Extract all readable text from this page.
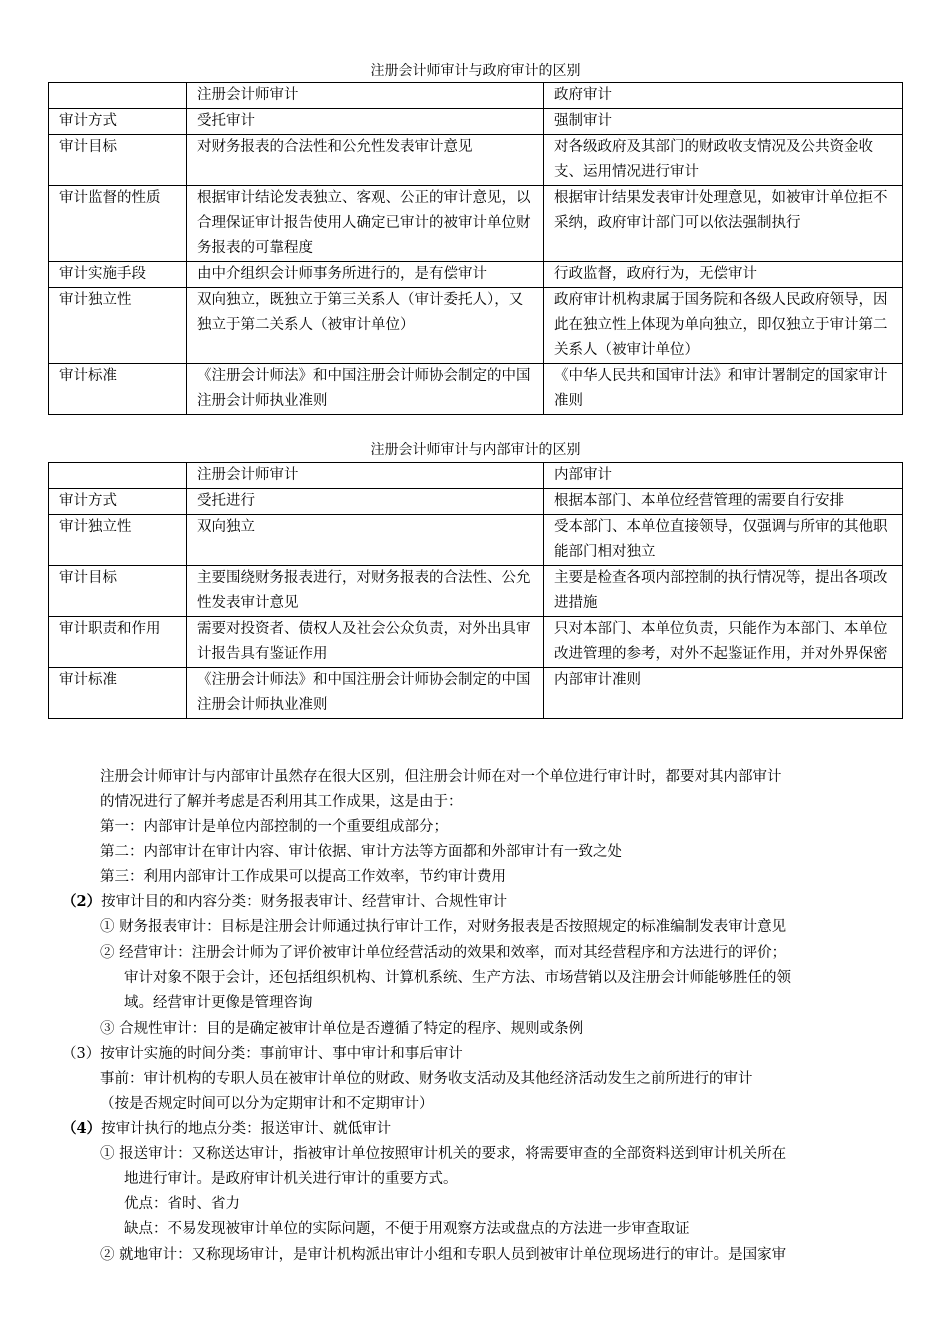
注册会计师审计与政府审计的区别
	注册会计师审计	政府审计
审计方式	受托审计	强制审计
审计目标	对财务报表的合法性和公允性发表审计意见	对各级政府及其部门的财政收支情况及公共资金收支、运用情况进行审计
审计监督的性质	根据审计结论发表独立、客观、公正的审计意见，以合理保证审计报告使用人确定已审计的被审计单位财务报表的可靠程度	根据审计结果发表审计处理意见，如被审计单位拒不采纳，政府审计部门可以依法强制执行
审计实施手段	由中介组织会计师事务所进行的，是有偿审计	行政监督，政府行为，无偿审计
审计独立性	双向独立，既独立于第三关系人（审计委托人），又独立于第二关系人（被审计单位）	政府审计机构隶属于国务院和各级人民政府领导，因此在独立性上体现为单向独立，即仅独立于审计第二关系人（被审计单位）
审计标准	《注册会计师法》和中国注册会计师协会制定的中国注册会计师执业准则	《中华人民共和国审计法》和审计署制定的国家审计准则
注册会计师审计与内部审计的区别
	注册会计师审计	内部审计
审计方式	受托进行	根据本部门、本单位经营管理的需要自行安排
审计独立性	双向独立	受本部门、本单位直接领导，仅强调与所审的其他职能部门相对独立
审计目标	主要围绕财务报表进行，对财务报表的合法性、公允性发表审计意见	主要是检查各项内部控制的执行情况等，提出各项改进措施
审计职责和作用	需要对投资者、债权人及社会公众负责，对外出具审计报告具有鉴证作用	只对本部门、本单位负责，只能作为本部门、本单位改进管理的参考，对外不起鉴证作用，并对外界保密
审计标准	《注册会计师法》和中国注册会计师协会制定的中国注册会计师执业准则	内部审计准则
注册会计师审计与内部审计虽然存在很大区别，但注册会计师在对一个单位进行审计时，都要对其内部审计
的情况进行了解并考虑是否利用其工作成果，这是由于：
第一：内部审计是单位内部控制的一个重要组成部分；
第二：内部审计在审计内容、审计依据、审计方法等方面都和外部审计有一致之处
第三：利用内部审计工作成果可以提高工作效率，节约审计费用
（2）按审计目的和内容分类：财务报表审计、经营审计、合规性审计
① 财务报表审计：目标是注册会计师通过执行审计工作，对财务报表是否按照规定的标准编制发表审计意见
② 经营审计：注册会计师为了评价被审计单位经营活动的效果和效率，而对其经营程序和方法进行的评价；
审计对象不限于会计，还包括组织机构、计算机系统、生产方法、市场营销以及注册会计师能够胜任的领
域。经营审计更像是管理咨询
③ 合规性审计：目的是确定被审计单位是否遵循了特定的程序、规则或条例
（3）按审计实施的时间分类：事前审计、事中审计和事后审计
事前：审计机构的专职人员在被审计单位的财政、财务收支活动及其他经济活动发生之前所进行的审计
（按是否规定时间可以分为定期审计和不定期审计）
（4）按审计执行的地点分类：报送审计、就低审计
① 报送审计：又称送达审计，指被审计单位按照审计机关的要求，将需要审查的全部资料送到审计机关所在
地进行审计。是政府审计机关进行审计的重要方式。
优点：省时、省力
缺点：不易发现被审计单位的实际问题，不便于用观察方法或盘点的方法进一步审查取证
② 就地审计：又称现场审计，是审计机构派出审计小组和专职人员到被审计单位现场进行的审计。是国家审
